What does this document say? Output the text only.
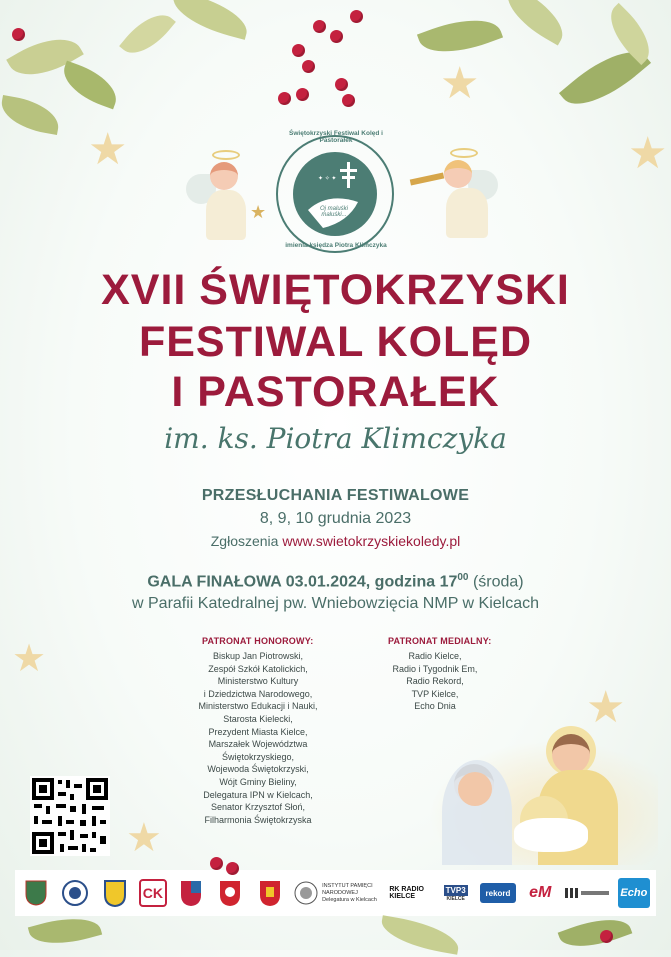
★
★
★
★
★
★
★
✦ ✧ ✦
Świętokrzyski Festiwal Kolęd i Pastorałek
Oj maluśki maluśki...
imienia księdza Piotra Klimczyka
XVII ŚWIĘTOKRZYSKI
FESTIWAL KOLĘD
I PASTORAŁEK
im. ks. Piotra Klimczyka
PRZESŁUCHANIA FESTIWALOWE
8, 9, 10 grudnia 2023
Zgłoszenia www.swietokrzyskiekoledy.pl
GALA FINAŁOWA 03.01.2024, godzina $17^{00}$ (środa)
w Parafii Katedralnej pw. Wniebowzięcia NMP w Kielcach
PATRONAT HONOROWY:
Biskup Jan Piotrowski,
Zespół Szkół Katolickich,
Ministerstwo Kultury
i Dziedzictwa Narodowego,
Ministerstwo Edukacji i Nauki,
Starosta Kielecki,
Prezydent Miasta Kielce,
Marszałek Województwa
Świętokrzyskiego,
Wojewoda Świętokrzyski,
Wójt Gminy Bieliny,
Delegatura IPN w Kielcach,
Senator Krzysztof Słoń,
Filharmonia Świętokrzyska
PATRONAT MEDIALNY:
Radio Kielce,
Radio i Tygodnik Em,
Radio Rekord,
TVP Kielce,
Echo Dnia
CK	INSTYTUT PAMIĘCI NARODOWEJ
Delegatura w Kielcach
RK RADIO KIELCE
TVP3
KIELCE
rekord	eM	Echo
